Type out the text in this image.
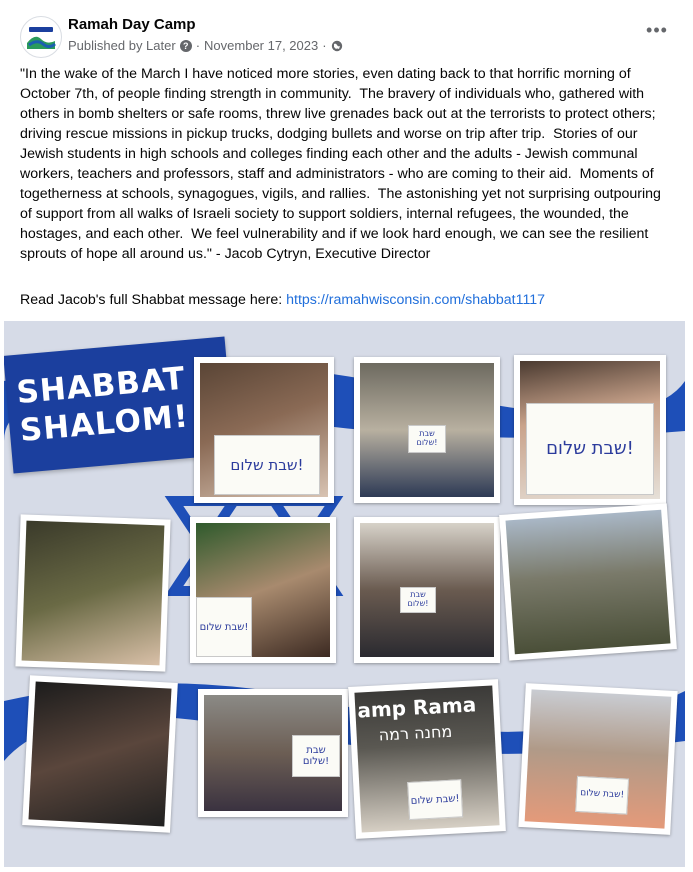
Ramah Day Camp
Published by Later ? · November 17, 2023 ·
•••
"In the wake of the March I have noticed more stories, even dating back to that horrific morning of October 7th, of people finding strength in community.  The bravery of individuals who, gathered with others in bomb shelters or safe rooms, threw live grenades back out at the terrorists to protect others; driving rescue missions in pickup trucks, dodging bullets and worse on trip after trip.  Stories of our Jewish students in high schools and colleges finding each other and the adults - Jewish communal workers, teachers and professors, staff and administrators - who are coming to their aid.  Moments of togetherness at schools, synagogues, vigils, and rallies.  The astonishing yet not surprising outpouring of support from all walks of Israeli society to support soldiers, internal refugees, the wounded, the hostages, and each other.  We feel vulnerability and if we look hard enough, we can see the resilient sprouts of hope all around us." - Jacob Cytryn, Executive Director
Read Jacob's full Shabbat message here: https://ramahwisconsin.com/shabbat1117
SHABBAT
SHALOM!
שבת שלום!
שבת שלום!	שבת שלום!
שבת שלום!
שבת שלום!
שבת שלום!
amp Rama
מחנה רמה
שבת שלום!	שבת שלום!
